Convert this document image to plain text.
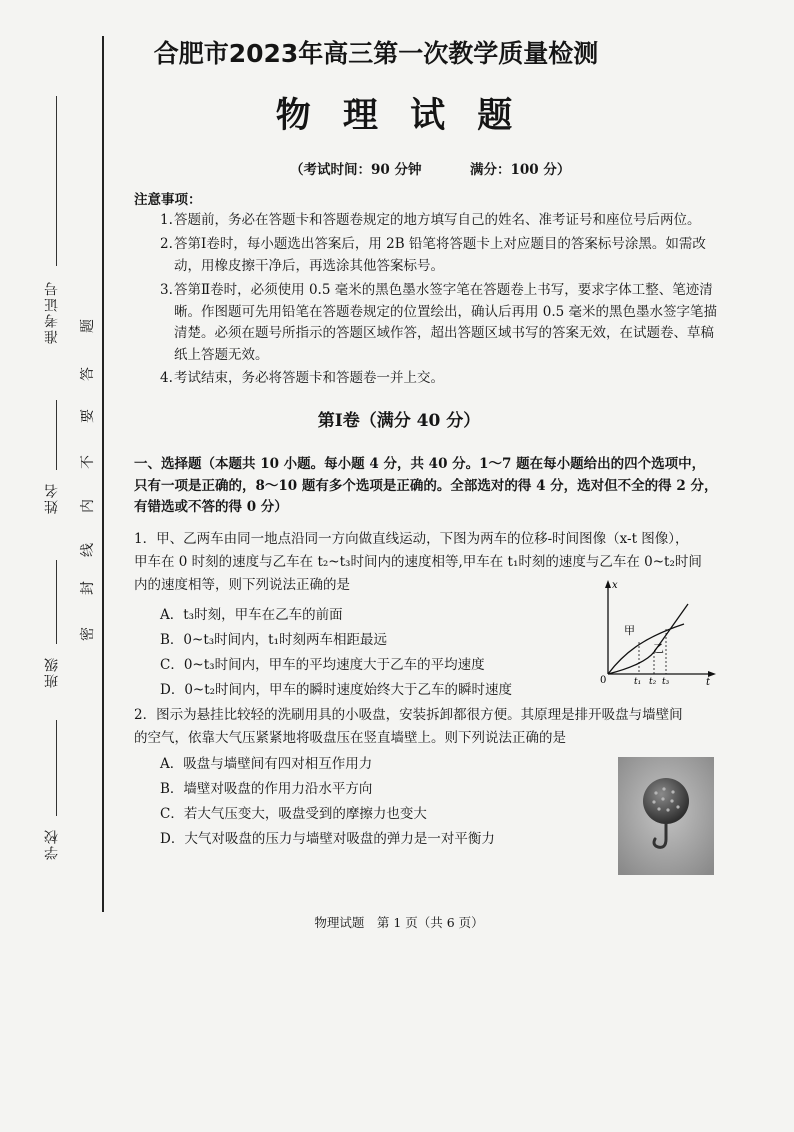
准考证号
姓名
班级
学校
题
答
要
不
内
线
封
密
合肥市2023年高三第一次教学质量检测
物 理 试 题
（考试时间：90 分钟	满分：100 分）
注意事项：
1. 答题前，务必在答题卡和答题卷规定的地方填写自己的姓名、准考证号和座位号后两位。
2. 答第Ⅰ卷时，每小题选出答案后，用 2B 铅笔将答题卡上对应题目的答案标号涂黑。如需改动，用橡皮擦干净后，再选涂其他答案标号。
3. 答第Ⅱ卷时，必须使用 0.5 毫米的黑色墨水签字笔在答题卷上书写，要求字体工整、笔迹清晰。作图题可先用铅笔在答题卷规定的位置绘出，确认后再用 0.5 毫米的黑色墨水签字笔描清楚。必须在题号所指示的答题区域作答，超出答题区域书写的答案无效，在试题卷、草稿纸上答题无效。
4. 考试结束，务必将答题卡和答题卷一并上交。
第Ⅰ卷（满分 40 分）
一、选择题（本题共 10 小题。每小题 4 分，共 40 分。1～7 题在每小题给出的四个选项中，
只有一项是正确的，8～10 题有多个选项是正确的。全部选对的得 4 分，选对但不全的得 2 分，
有错选或不答的得 0 分）
1．甲、乙两车由同一地点沿同一方向做直线运动，下图为两车的位移-时间图像（x-t 图像），
甲车在 0 时刻的速度与乙车在 t₂~t₃时间内的速度相等,甲车在 t₁时刻的速度与乙车在 0~t₂时间
内的速度相等，则下列说法正确的是
A．t₃时刻，甲车在乙车的前面
B．0~t₃时间内，t₁时刻两车相距最远
C．0~t₃时间内，甲车的平均速度大于乙车的平均速度
D．0~t₂时间内，甲车的瞬时速度始终大于乙车的瞬时速度
x
t
0
甲
乙
t₁ t₂ t₃
2．图示为悬挂比较轻的洗刷用具的小吸盘，安装拆卸都很方便。其原理是排开吸盘与墙壁间
的空气，依靠大气压紧紧地将吸盘压在竖直墙壁上。则下列说法正确的是
A．吸盘与墙壁间有四对相互作用力
B．墙壁对吸盘的作用力沿水平方向
C．若大气压变大，吸盘受到的摩擦力也变大
D．大气对吸盘的压力与墙壁对吸盘的弹力是一对平衡力
物理试题　第 1 页（共 6 页）
